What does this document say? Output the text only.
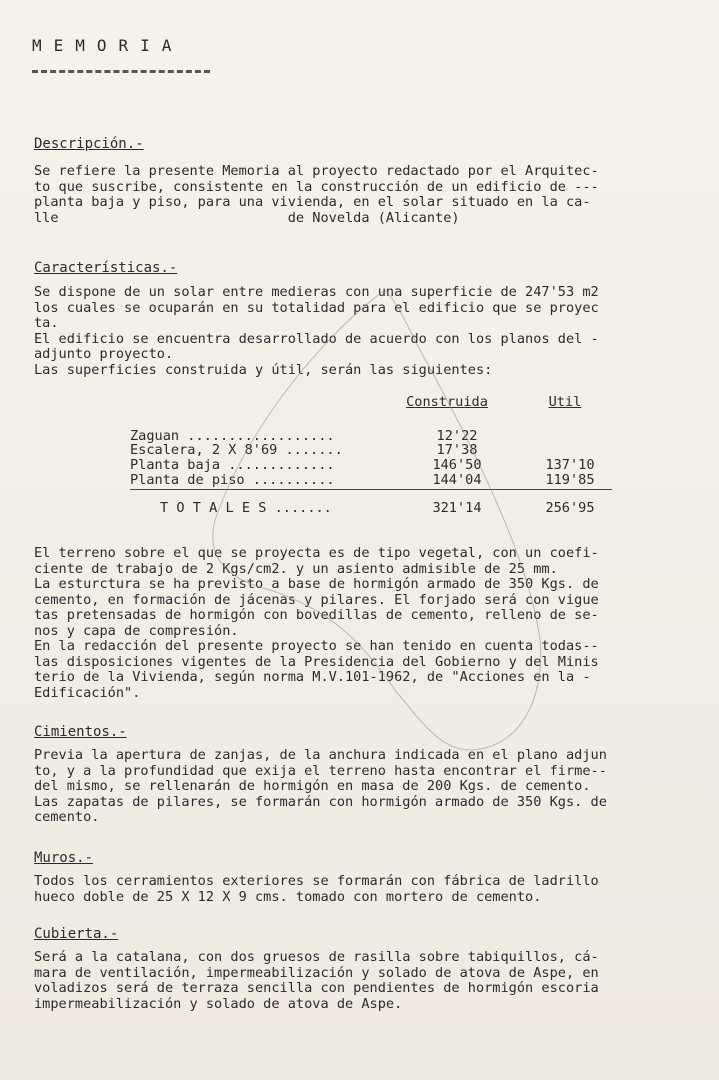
MEMORIA
Descripción.-
Se refiere la presente Memoria al proyecto redactado por el Arquitec-
to que suscribe, consistente en la construcción de un edificio de ---
planta baja y piso, para una vivienda, en el solar situado en la ca-
lle                            de Novelda (Alicante)
Características.-
Se dispone de un solar entre medieras con una superficie de 247'53 m2
los cuales se ocuparán en su totalidad para el edificio que se proyec
ta.
El edificio se encuentra desarrollado de acuerdo con los planos del -
adjunto proyecto.
Las superficies construida y útil, serán las siguientes:
Construida	Util
Zaguan ..................	12'22
Escalera, 2 X 8'69 .......	17'38
Planta baja .............	146'50	137'10
Planta de piso ..........	144'04	119'85
T O T A L E S .......	321'14	256'95
El terreno sobre el que se proyecta es de tipo vegetal, con un coefi-
ciente de trabajo de 2 Kgs/cm2. y un asiento admisible de 25 mm.
La esturctura se ha previsto a base de hormigón armado de 350 Kgs. de
cemento, en formación de jácenas y pilares. El forjado será con vigue
tas pretensadas de hormigón con bovedillas de cemento, relleno de se-
nos y capa de compresión.
En la redacción del presente proyecto se han tenido en cuenta todas--
las disposiciones vigentes de la Presidencia del Gobierno y del Minis
terio de la Vivienda, según norma M.V.101-1962, de "Acciones en la -
Edificación".
Cimientos.-
Previa la apertura de zanjas, de la anchura indicada en el plano adjun
to, y a la profundidad que exija el terreno hasta encontrar el firme--
del mismo, se rellenarán de hormigón en masa de 200 Kgs. de cemento.
Las zapatas de pilares, se formarán con hormigón armado de 350 Kgs. de
cemento.
Muros.-
Todos los cerramientos exteriores se formarán con fábrica de ladrillo
hueco doble de 25 X 12 X 9 cms. tomado con mortero de cemento.
Cubierta.-
Será a la catalana, con dos gruesos de rasilla sobre tabiquillos, cá-
mara de ventilación, impermeabilización y solado de atova de Aspe, en
voladizos será de terraza sencilla con pendientes de hormigón escoria
impermeabilización y solado de atova de Aspe.
